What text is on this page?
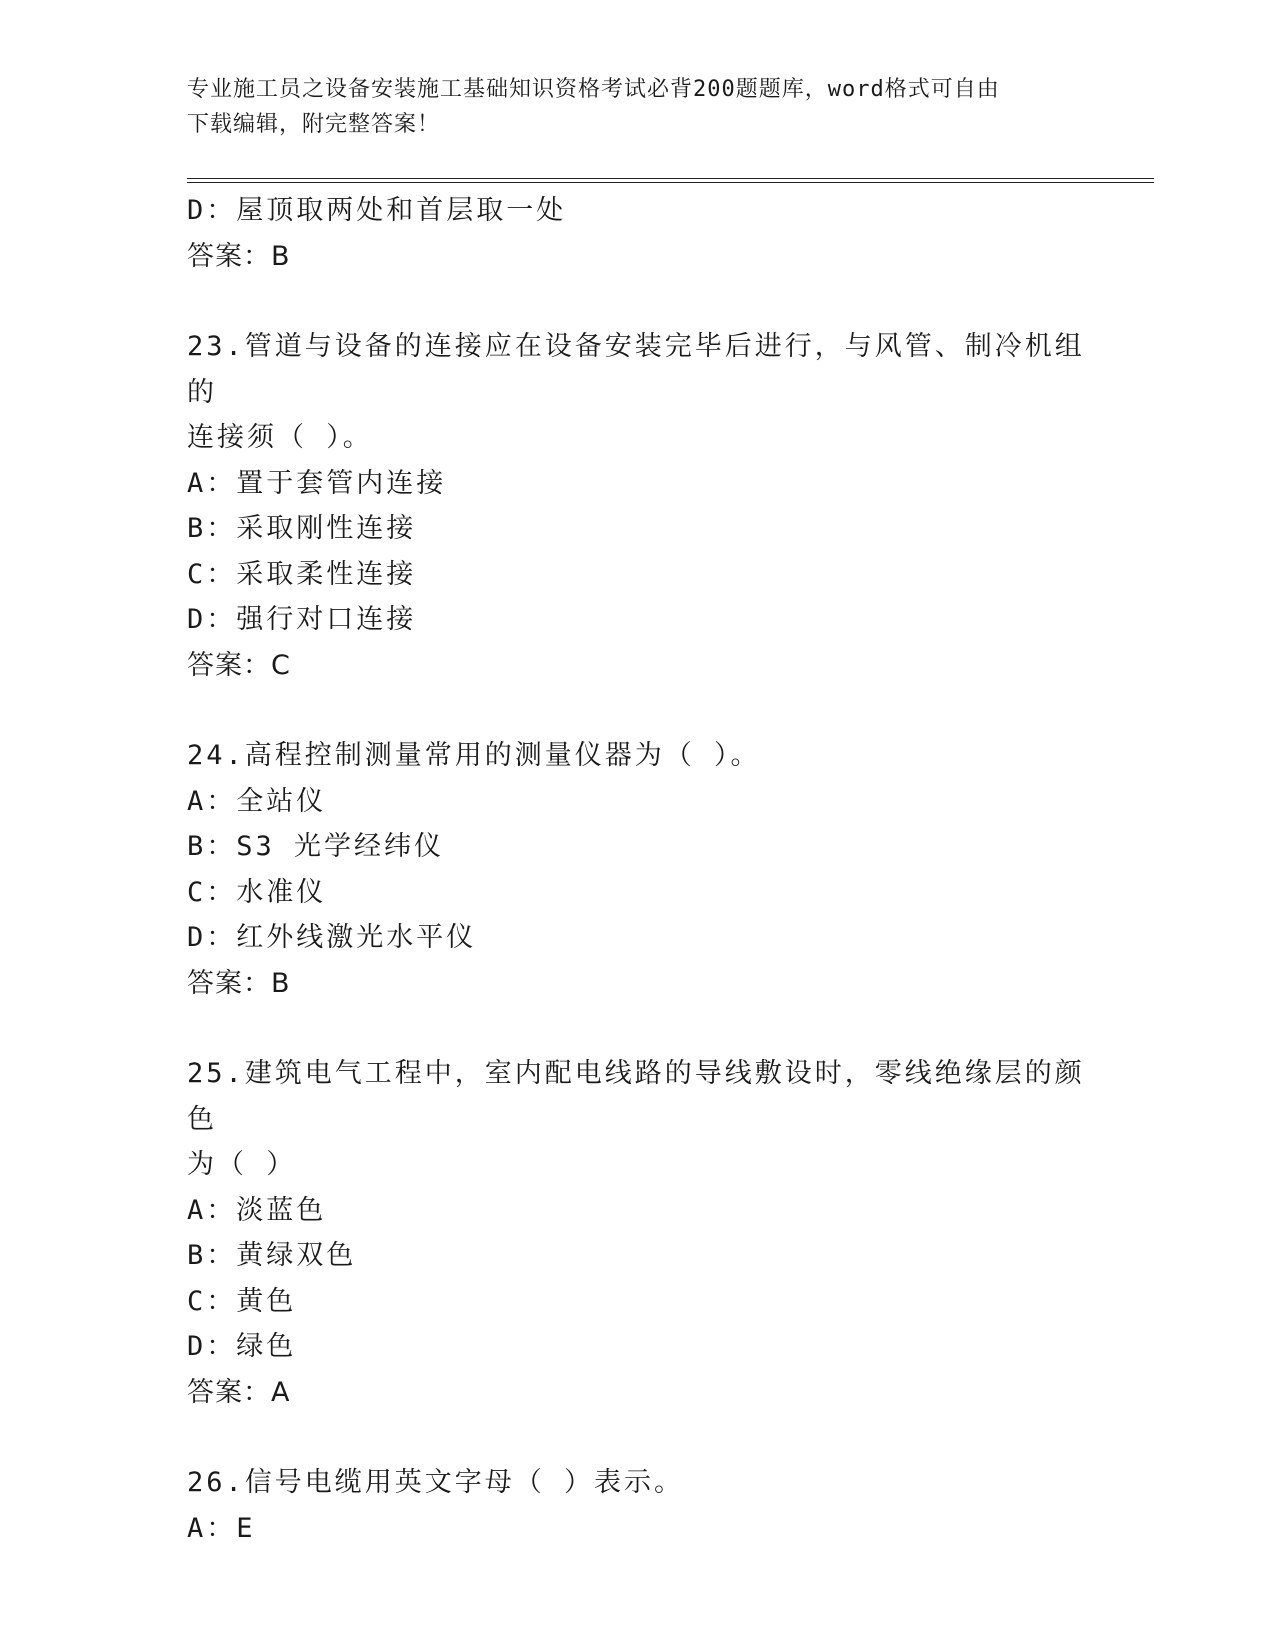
专业施工员之设备安装施工基础知识资格考试必背200题题库，word格式可自由
下载编辑，附完整答案！
D：屋顶取两处和首层取一处
答案：B
23.管道与设备的连接应在设备安装完毕后进行，与风管、制冷机组的
连接须（ ）。
A：置于套管内连接
B：采取刚性连接
C：采取柔性连接
D：强行对口连接
答案：C
24.高程控制测量常用的测量仪器为（ ）。
A：全站仪
B：S3 光学经纬仪
C：水准仪
D：红外线激光水平仪
答案：B
25.建筑电气工程中，室内配电线路的导线敷设时，零线绝缘层的颜色
为（ ）
A：淡蓝色
B：黄绿双色
C：黄色
D：绿色
答案：A
26.信号电缆用英文字母（ ）表示。
A：E
